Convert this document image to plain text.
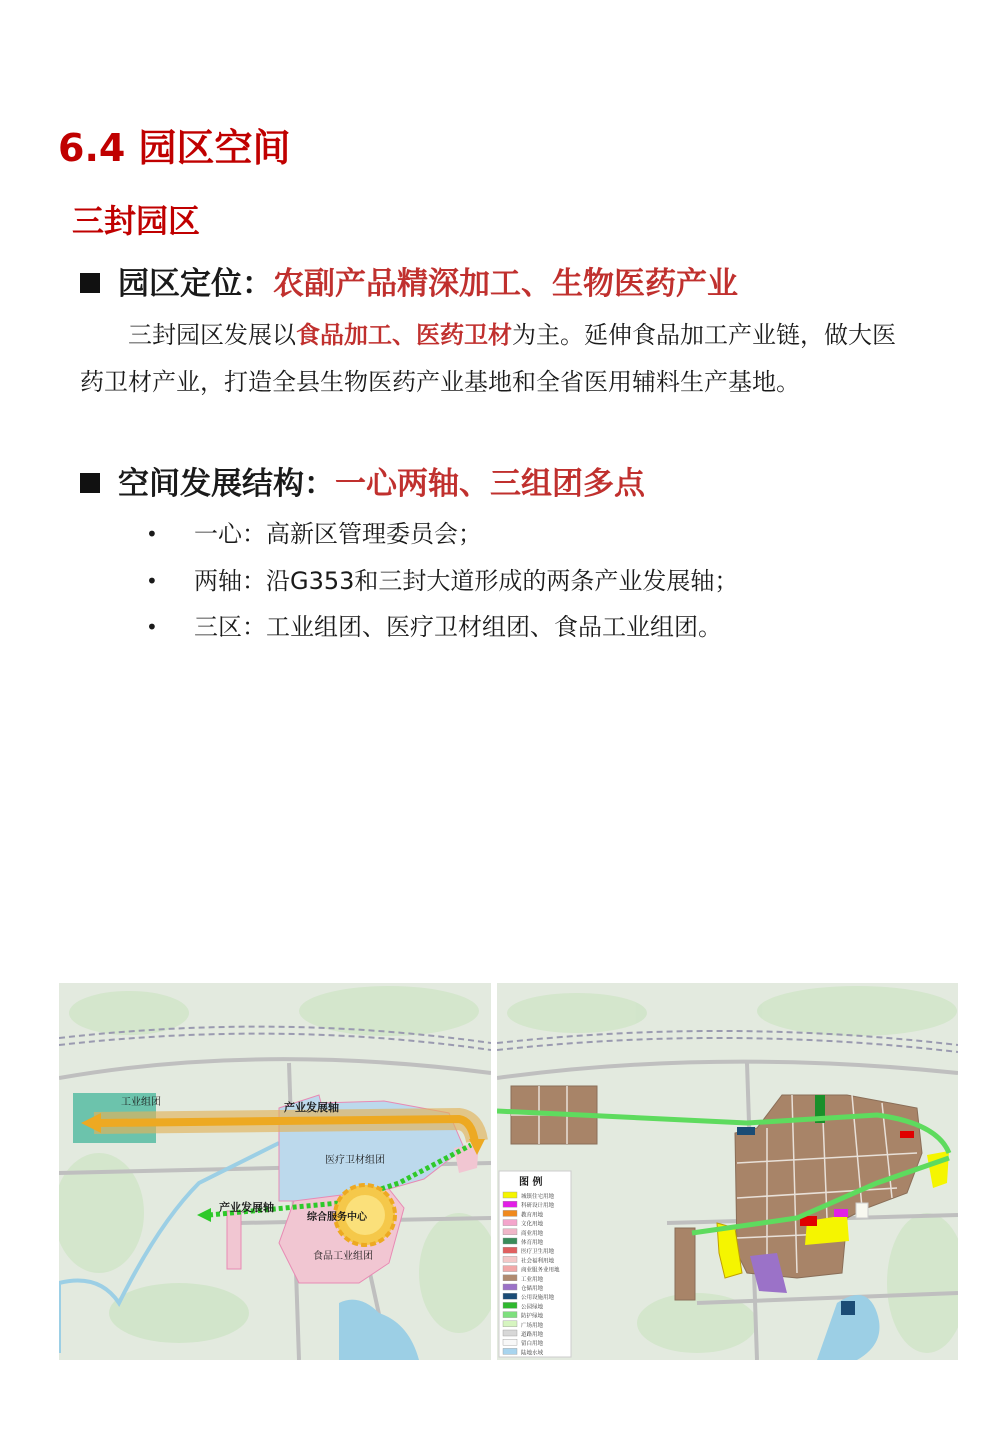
6.4 园区空间
三封园区
园区定位：农副产品精深加工、生物医药产业

三封园区发展以食品加工、医药卫材为主。延伸食品加工产业链，做大医药卫材产业，打造全县生物医药产业基地和全省医用辅料生产基地。

空间发展结构：一心两轴、三组团多点
• 一心：高新区管理委员会；
• 两轴：沿G353和三封大道形成的两条产业发展轴；
• 三区：工业组团、医疗卫材组团、食品工业组团。
工业组团	产业发展轴
医疗卫材组团
综合服务中心
产业发展轴
食品工业组团
图 例
城镇住宅用地
科研设计用地
教育用地
文化用地
商业用地
体育用地
医疗卫生用地
社会福利用地
商业服务业用地
工业用地
仓储用地
公用设施用地
公园绿地
防护绿地
广场用地
道路用地
留白用地
陆地水域
